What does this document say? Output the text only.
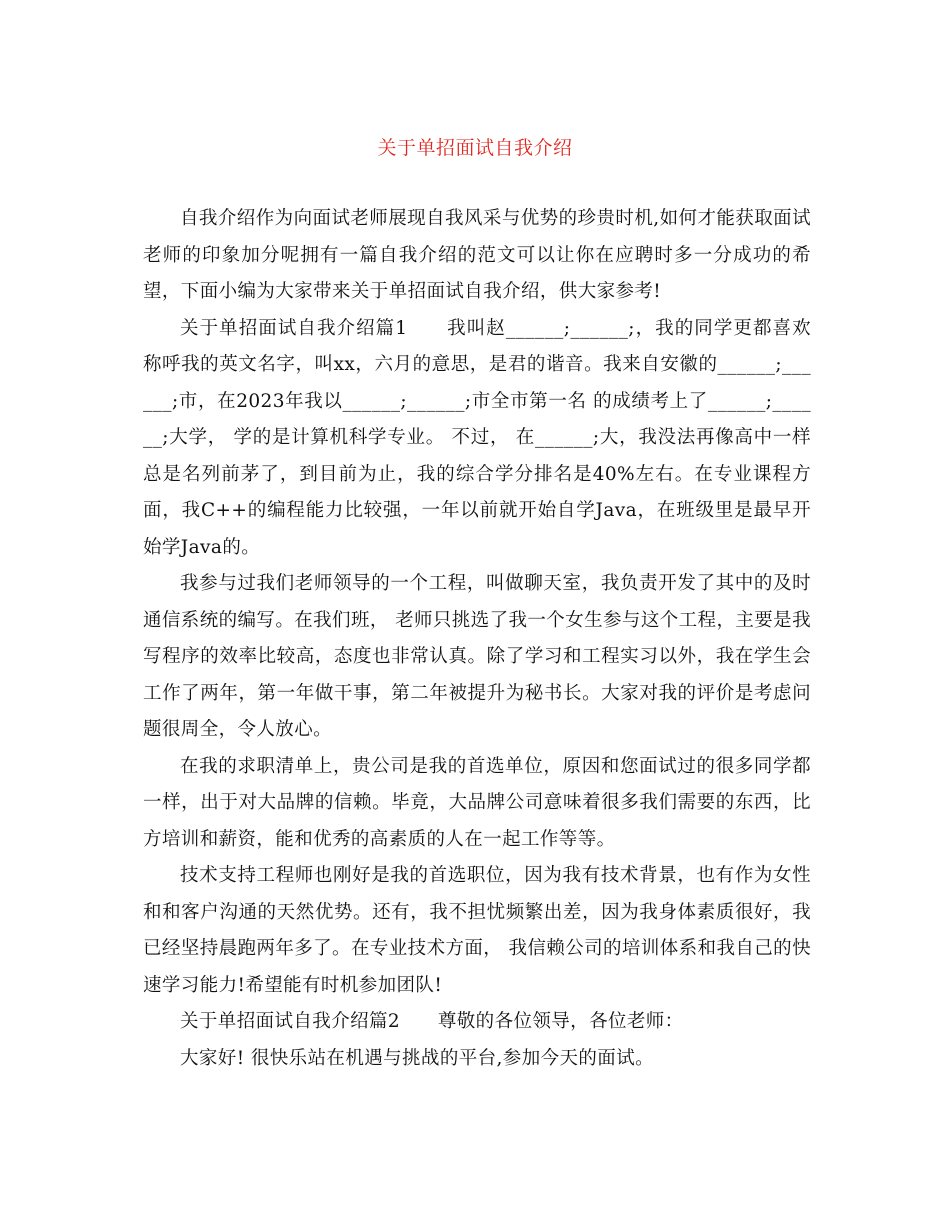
关于单招面试自我介绍

自我介绍作为向面试老师展现自我风采与优势的珍贵时机,如何才能获取面试老师的印象加分呢拥有一篇自我介绍的范文可以让你在应聘时多一分成功的希望，下面小编为大家带来关于单招面试自我介绍，供大家参考!

关于单招面试自我介绍篇1　　我叫赵______;______;，我的同学更都喜欢称呼我的英文名字，叫xx，六月的意思，是君的谐音。我来自安徽的______;______;市，在2023年我以______;______;市全市第一名 的成绩考上了______;______;大学， 学的是计算机科学专业。 不过， 在______;大，我没法再像高中一样总是名列前茅了，到目前为止，我的综合学分排名是40%左右。在专业课程方面，我C++的编程能力比较强，一年以前就开始自学Java，在班级里是最早开始学Java的。

我参与过我们老师领导的一个工程，叫做聊天室，我负责开发了其中的及时通信系统的编写。在我们班， 老师只挑选了我一个女生参与这个工程，主要是我写程序的效率比较高，态度也非常认真。除了学习和工程实习以外，我在学生会工作了两年，第一年做干事，第二年被提升为秘书长。大家对我的评价是考虑问题很周全，令人放心。

在我的求职清单上，贵公司是我的首选单位，原因和您面试过的很多同学都一样，出于对大品牌的信赖。毕竟，大品牌公司意味着很多我们需要的东西，比方培训和薪资，能和优秀的高素质的人在一起工作等等。

技术支持工程师也刚好是我的首选职位，因为我有技术背景，也有作为女性和和客户沟通的天然优势。还有，我不担忧频繁出差，因为我身体素质很好，我已经坚持晨跑两年多了。在专业技术方面， 我信赖公司的培训体系和我自己的快速学习能力!希望能有时机参加团队!

关于单招面试自我介绍篇2　　尊敬的各位领导，各位老师：

大家好! 很快乐站在机遇与挑战的平台,参加今天的面试。
